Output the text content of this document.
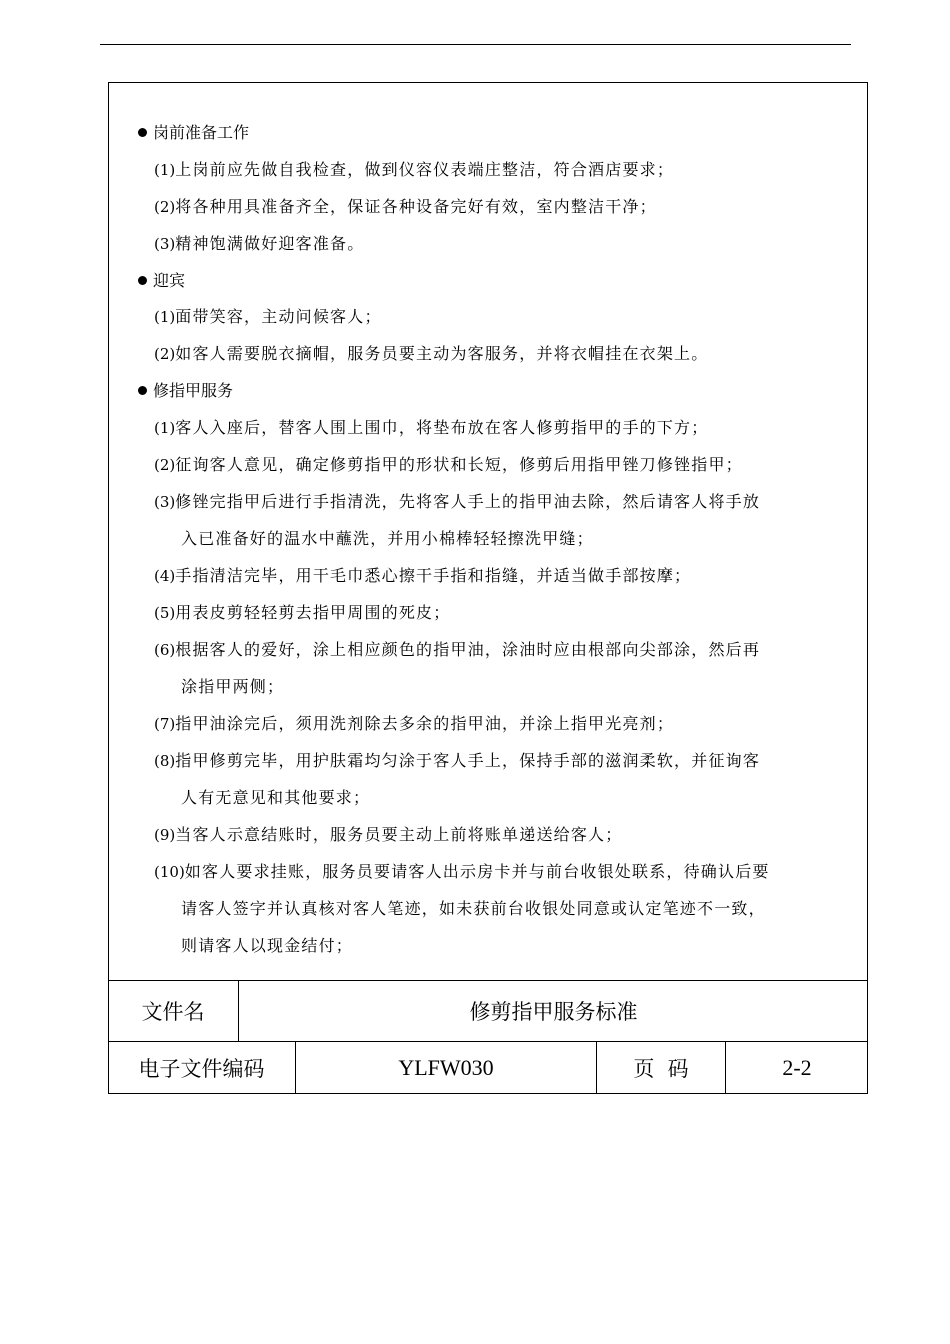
岗前准备工作
(1)上岗前应先做自我检查，做到仪容仪表端庄整洁，符合酒店要求；
(2)将各种用具准备齐全，保证各种设备完好有效，室内整洁干净；
(3)精神饱满做好迎客准备。
迎宾
(1)面带笑容，主动问候客人；
(2)如客人需要脱衣摘帽，服务员要主动为客服务，并将衣帽挂在衣架上。
修指甲服务
(1)客人入座后，替客人围上围巾，将垫布放在客人修剪指甲的手的下方；
(2)征询客人意见，确定修剪指甲的形状和长短，修剪后用指甲锉刀修锉指甲；
(3)修锉完指甲后进行手指清洗，先将客人手上的指甲油去除，然后请客人将手放
入已准备好的温水中蘸洗，并用小棉棒轻轻擦洗甲缝；
(4)手指清洁完毕，用干毛巾悉心擦干手指和指缝，并适当做手部按摩；
(5)用表皮剪轻轻剪去指甲周围的死皮；
(6)根据客人的爱好，涂上相应颜色的指甲油，涂油时应由根部向尖部涂，然后再
涂指甲两侧；
(7)指甲油涂完后，须用洗剂除去多余的指甲油，并涂上指甲光亮剂；
(8)指甲修剪完毕，用护肤霜均匀涂于客人手上，保持手部的滋润柔软，并征询客
人有无意见和其他要求；
(9)当客人示意结账时，服务员要主动上前将账单递送给客人；
(10)如客人要求挂账，服务员要请客人出示房卡并与前台收银处联系，待确认后要
请客人签字并认真核对客人笔迹，如未获前台收银处同意或认定笔迹不一致，
则请客人以现金结付；
文件名	修剪指甲服务标准
电子文件编码	YLFW030	页  码	2-2
